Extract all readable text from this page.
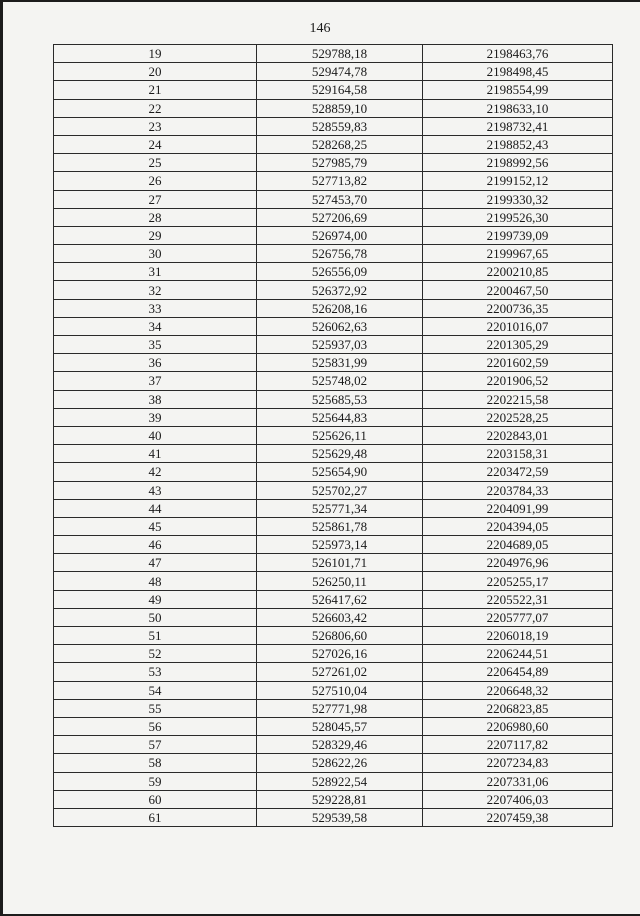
146
19	529788,18	2198463,76
20	529474,78	2198498,45
21	529164,58	2198554,99
22	528859,10	2198633,10
23	528559,83	2198732,41
24	528268,25	2198852,43
25	527985,79	2198992,56
26	527713,82	2199152,12
27	527453,70	2199330,32
28	527206,69	2199526,30
29	526974,00	2199739,09
30	526756,78	2199967,65
31	526556,09	2200210,85
32	526372,92	2200467,50
33	526208,16	2200736,35
34	526062,63	2201016,07
35	525937,03	2201305,29
36	525831,99	2201602,59
37	525748,02	2201906,52
38	525685,53	2202215,58
39	525644,83	2202528,25
40	525626,11	2202843,01
41	525629,48	2203158,31
42	525654,90	2203472,59
43	525702,27	2203784,33
44	525771,34	2204091,99
45	525861,78	2204394,05
46	525973,14	2204689,05
47	526101,71	2204976,96
48	526250,11	2205255,17
49	526417,62	2205522,31
50	526603,42	2205777,07
51	526806,60	2206018,19
52	527026,16	2206244,51
53	527261,02	2206454,89
54	527510,04	2206648,32
55	527771,98	2206823,85
56	528045,57	2206980,60
57	528329,46	2207117,82
58	528622,26	2207234,83
59	528922,54	2207331,06
60	529228,81	2207406,03
61	529539,58	2207459,38
